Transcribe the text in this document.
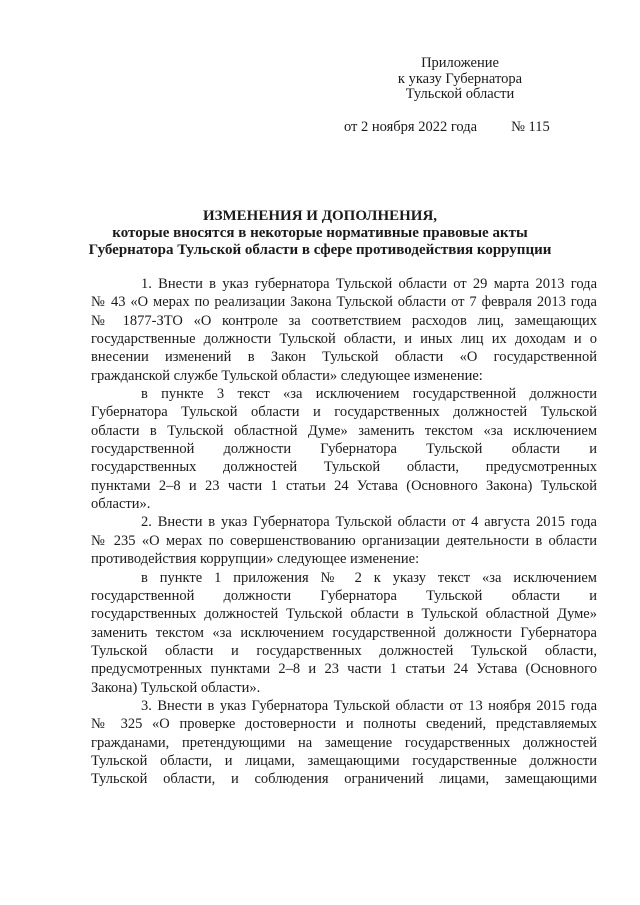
Приложение
к указу Губернатора
Тульской области
от 2 ноября 2022 года № 115
ИЗМЕНЕНИЯ И ДОПОЛНЕНИЯ,
которые вносятся в некоторые нормативные правовые акты
Губернатора Тульской области в сфере противодействия коррупции
1. Внести в указ губернатора Тульской области от 29 марта 2013 года
№ 43 «О мерах по реализации Закона Тульской области от 7 февраля 2013 года
№ 1877-ЗТО «О контроле за соответствием расходов лиц, замещающих
государственные должности Тульской области, и иных лиц их доходам и о
внесении изменений в Закон Тульской области «О государственной
гражданской службе Тульской области» следующее изменение:
в пункте 3 текст «за исключением государственной должности
Губернатора Тульской области и государственных должностей Тульской
области в Тульской областной Думе» заменить текстом «за исключением
государственной должности Губернатора Тульской области и
государственных должностей Тульской области, предусмотренных
пунктами 2–8 и 23 части 1 статьи 24 Устава (Основного Закона) Тульской
области».
2. Внести в указ Губернатора Тульской области от 4 августа 2015 года
№ 235 «О мерах по совершенствованию организации деятельности в области
противодействия коррупции» следующее изменение:
в пункте 1 приложения № 2 к указу текст «за исключением
государственной должности Губернатора Тульской области и
государственных должностей Тульской области в Тульской областной Думе»
заменить текстом «за исключением государственной должности Губернатора
Тульской области и государственных должностей Тульской области,
предусмотренных пунктами 2–8 и 23 части 1 статьи 24 Устава (Основного
Закона) Тульской области».
3. Внести в указ Губернатора Тульской области от 13 ноября 2015 года
№ 325 «О проверке достоверности и полноты сведений, представляемых
гражданами, претендующими на замещение государственных должностей
Тульской области, и лицами, замещающими государственные должности
Тульской области, и соблюдения ограничений лицами, замещающими
